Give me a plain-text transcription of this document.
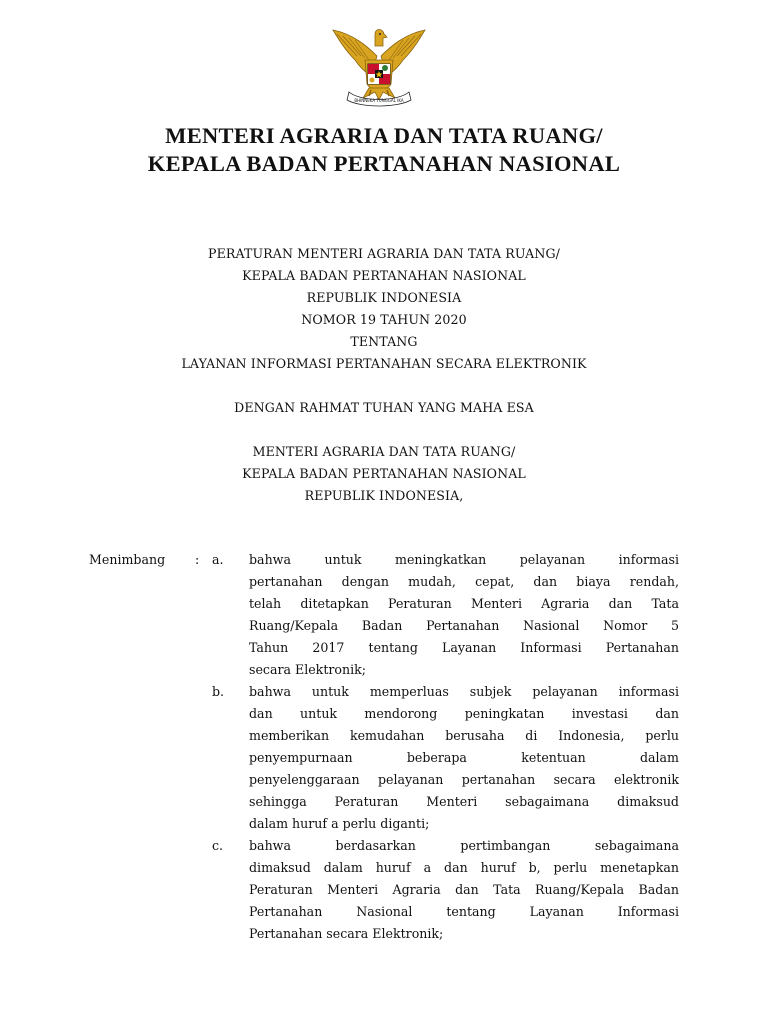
BHINNEKA TUNGGAL IKA
MENTERI AGRARIA DAN TATA RUANG/
KEPALA BADAN PERTANAHAN NASIONAL
PERATURAN MENTERI AGRARIA DAN TATA RUANG/
KEPALA BADAN PERTANAHAN NASIONAL
REPUBLIK INDONESIA
NOMOR 19 TAHUN 2020
TENTANG
LAYANAN INFORMASI PERTANAHAN SECARA ELEKTRONIK
DENGAN RAHMAT TUHAN YANG MAHA ESA
MENTERI AGRARIA DAN TATA RUANG/
KEPALA BADAN PERTANAHAN NASIONAL
REPUBLIK INDONESIA,
Menimbang : a. bahwa untuk meningkatkan pelayanan informasi
pertanahan dengan mudah, cepat, dan biaya rendah,
telah ditetapkan Peraturan Menteri Agraria dan Tata
Ruang/Kepala Badan Pertanahan Nasional Nomor 5
Tahun 2017 tentang Layanan Informasi Pertanahan
secara Elektronik;
b. bahwa untuk memperluas subjek pelayanan informasi
dan untuk mendorong peningkatan investasi dan
memberikan kemudahan berusaha di Indonesia, perlu
penyempurnaan beberapa ketentuan dalam
penyelenggaraan pelayanan pertanahan secara elektronik
sehingga Peraturan Menteri sebagaimana dimaksud
dalam huruf a perlu diganti;
c. bahwa berdasarkan pertimbangan sebagaimana
dimaksud dalam huruf a dan huruf b, perlu menetapkan
Peraturan Menteri Agraria dan Tata Ruang/Kepala Badan
Pertanahan Nasional tentang Layanan Informasi
Pertanahan secara Elektronik;
